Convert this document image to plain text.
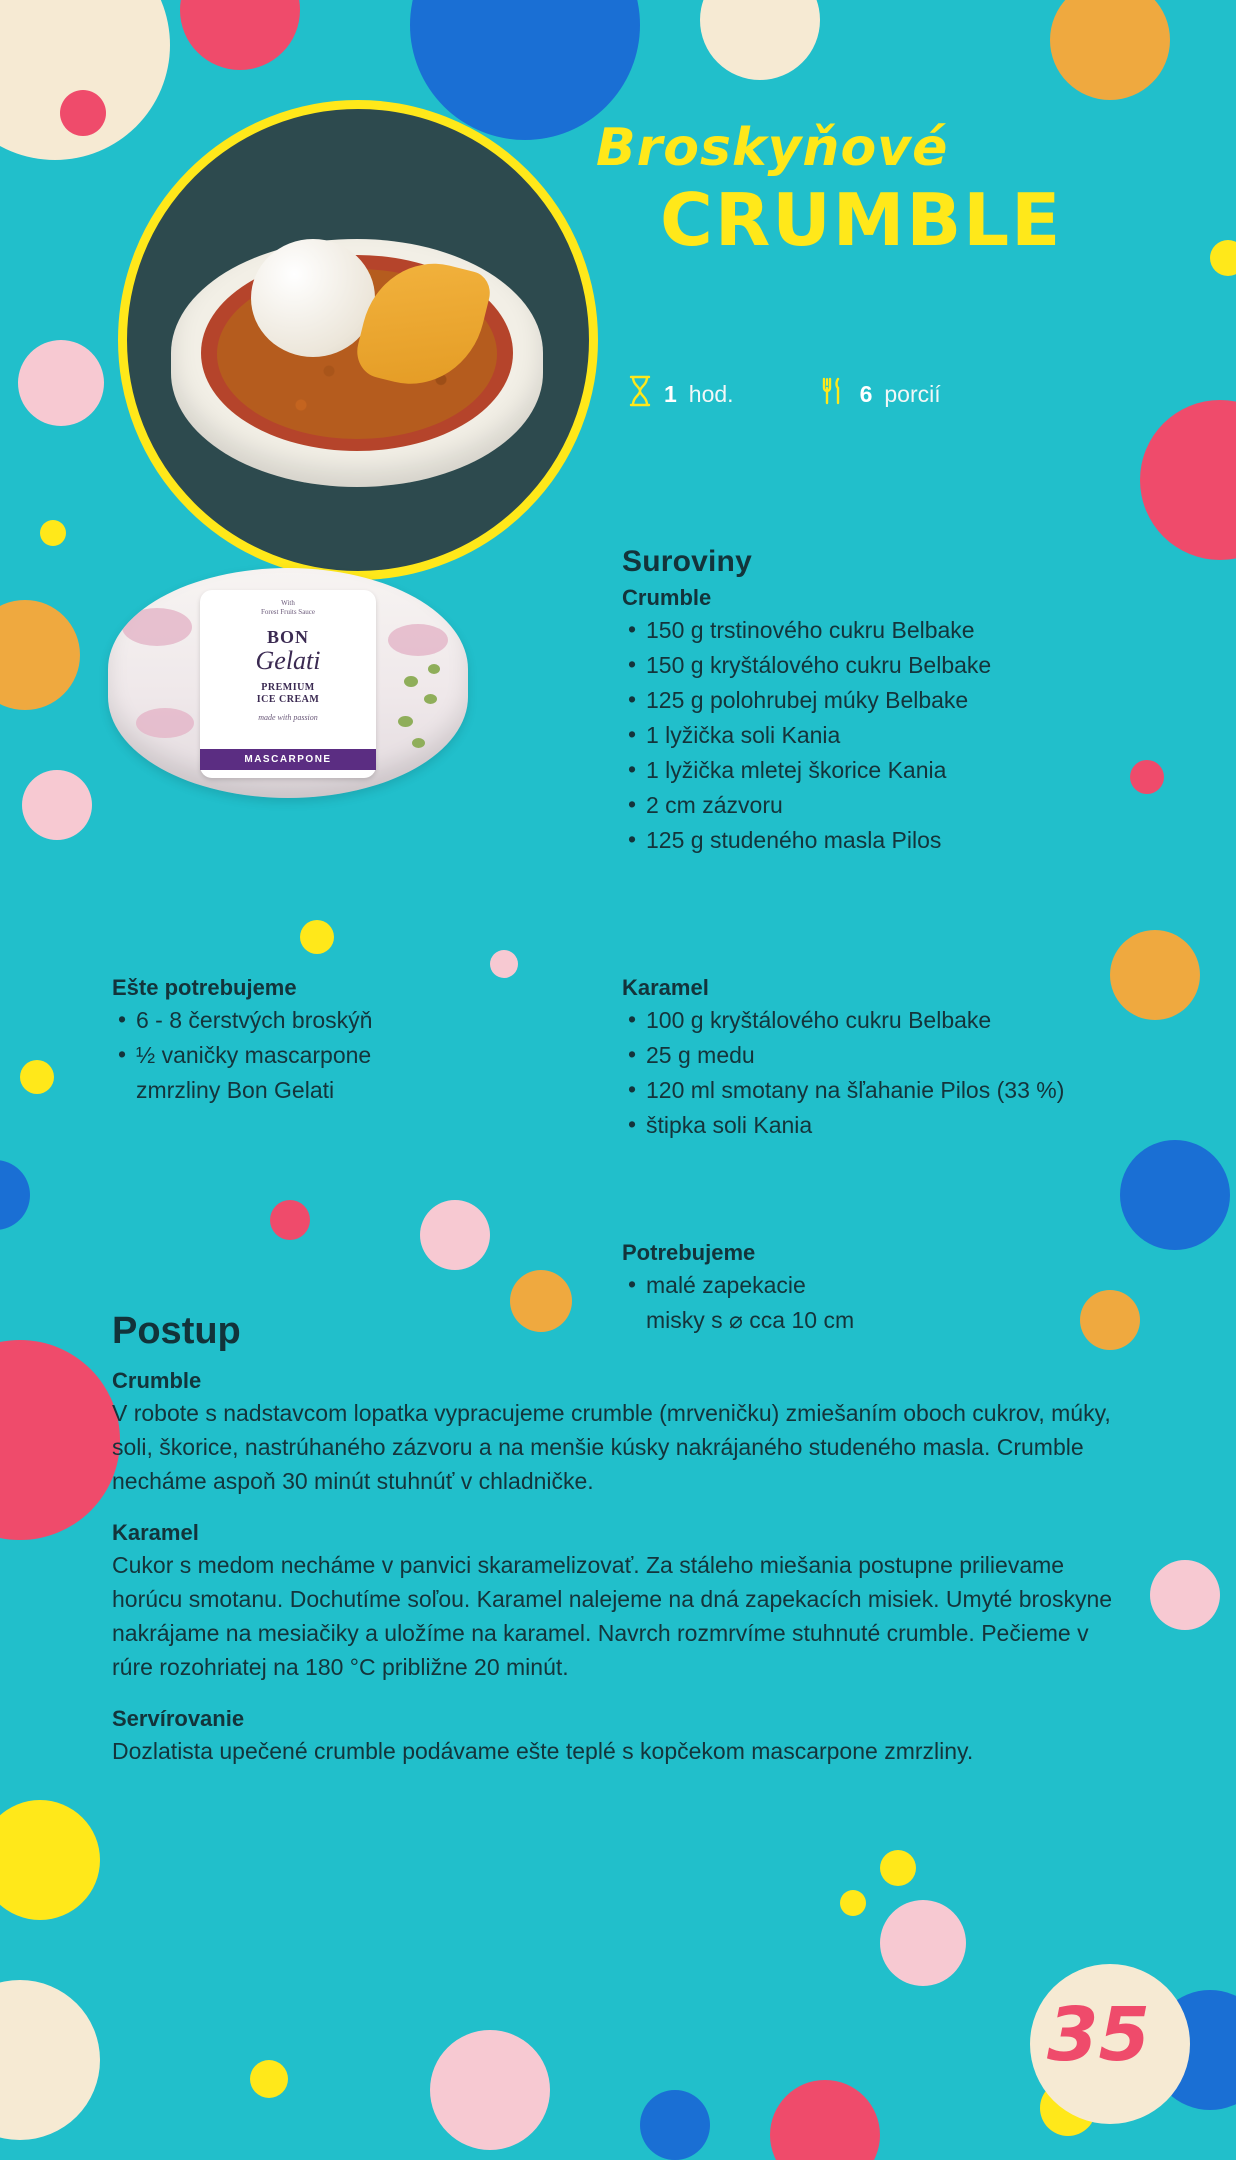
With
Forest Fruits Sauce
BON
Gelati
PREMIUM
ICE CREAM
made with passion
MASCARPONE
Broskyňové
CRUMBLE
1 hod.	6 porcií
Suroviny
Crumble
• 150 g trstinového cukru Belbake
• 150 g kryštálového cukru Belbake
• 125 g polohrubej múky Belbake
• 1 lyžička soli Kania
• 1 lyžička mletej škorice Kania
• 2 cm zázvoru
• 125 g studeného masla Pilos
Ešte potrebujeme
• 6 - 8 čerstvých broskýň
• ½ vaničky mascarpone
zmrzliny Bon Gelati
Karamel
• 100 g kryštálového cukru Belbake
• 25 g medu
• 120 ml smotany na šľahanie Pilos (33 %)
• štipka soli Kania
Potrebujeme
• malé zapekacie
misky s ⌀ cca 10 cm
Postup
Crumble

V robote s nadstavcom lopatka vypracujeme crumble (mrveničku) zmiešaním oboch cukrov, múky, soli, škorice, nastrúhaného zázvoru a na menšie kúsky nakrájaného studeného masla. Crumble necháme aspoň 30 minút stuhnúť v chladničke.

Karamel

Cukor s medom necháme v panvici skaramelizovať. Za stáleho miešania postupne prilievame horúcu smotanu. Dochutíme soľou. Karamel nalejeme na dná zapekacích misiek. Umyté broskyne nakrájame na mesiačiky a uložíme na karamel. Navrch rozmrvíme stuhnuté crumble. Pečieme v rúre rozohriatej na 180 °C približne 20 minút.

Servírovanie

Dozlatista upečené crumble podávame ešte teplé s kopčekom mascarpone zmrzliny.

35
